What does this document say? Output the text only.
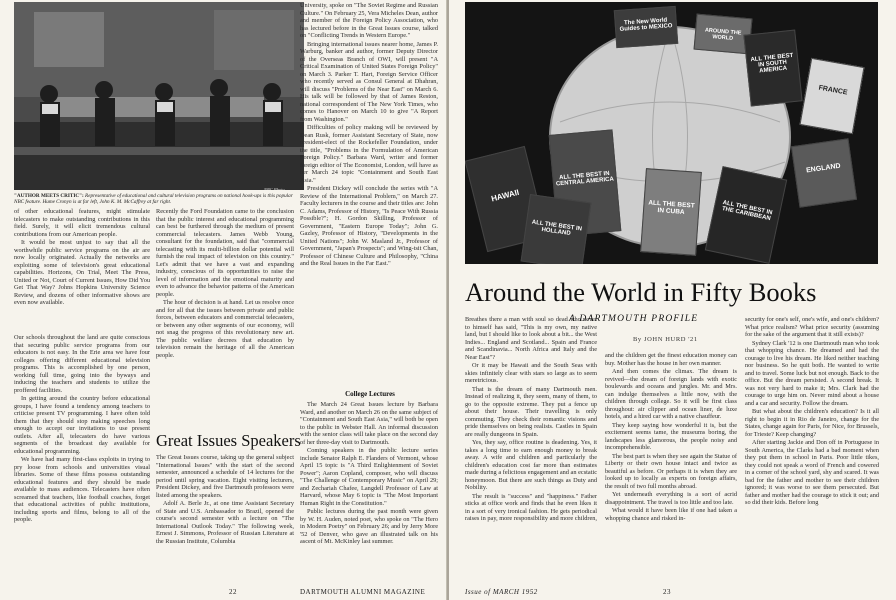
NBC Photo
"AUTHOR MEETS CRITIC": Representative of educational and cultural television programs on national hook-ups is this popular NBC feature. Hume Cronyn is at far left, John K. M. McCaffrey at far right.

of other educational features, might stimulate telecasters to make outstanding contributions in this field. Surely, it will elicit tremendous cultural contributions from our American people.

It would be most unjust to say that all the worthwhile public service programs on the air are now locally originated. Actually the networks are exploiting some of television's great educational capabilities. Horizons, On Trial, Meet The Press, United or Not, Court of Current Issues, How Did You Get That Way? Johns Hopkins University Science Review, and dozens of other informative shows are even now available.

Our schools throughout the land are quite conscious that securing public service programs from our educators is not easy. In the Erie area we have four colleges offering different educational television programs. This is accomplished by one person, working full time, going into the byways and inducing the teachers and students to utilize the proffered facilities.

In getting around the country before educational groups, I have found a tendency among teachers to criticise present TV programming. I have often told them that they should stop making speeches long enough to accept our invitations to use present outlets. After all, telecasters do have various segments of the broadcast day available for educational programming.

We have had many first-class exploits in trying to pry loose from schools and universities visual libraries. Some of these films possess outstanding educational features and they should be made available to mass audiences. Telecasters have often screamed that teachers, like football coaches, forget that educational activities of public institutions, including sports and films, belong to all of the people.

Recently the Ford Foundation came to the conclusion that the public interest and educational programming can best be furthered through the medium of present commercial telecasters. James Webb Young, consultant for the foundation, said that "commercial telecasting with its multi-billion dollar potential will furnish the real impact of television on this country." Let's admit that we have a vast and expanding industry, conscious of its opportunities to raise the level of information and the emotional maturity and even to advance the behavior patterns of the American people.

The hour of decision is at hand. Let us resolve once and for all that the issues between private and public forces, between educators and commercial telecasters, or between any other segments of our economy, will not snag the progress of this revolutionary new art. The public welfare decrees that education by television remain the heritage of all the American people.

Great Issues Speakers

The Great Issues course, taking up the general subject "International Issues" with the start of the second semester, announced a schedule of 14 lectures for the period until spring vacation. Eight visiting lecturers, President Dickey, and five Dartmouth professors were listed among the speakers.

Adolf A. Berle Jr., at one time Assistant Secretary of State and U.S. Ambassador to Brazil, opened the course's second semester with a lecture on "The International Outlook Today." The following week, Ernest J. Simmons, Professor of Russian Literature at the Russian Institute, Columbia

University, spoke on "The Soviet Regime and Russian Culture." On February 25, Vera Micheles Dean, author and member of the Foreign Policy Association, who has lectured before in the Great Issues course, talked on "Conflicting Trends in Western Europe."

Bringing international issues nearer home, James P. Warburg, banker and author, former Deputy Director of the Overseas Branch of OWI, will present "A Critical Examination of United States Foreign Policy" on March 3. Parker T. Hart, Foreign Service Officer who recently served as Consul General at Dhahran, will discuss "Problems of the Near East" on March 6. His talk will be followed by that of James Reston, national correspondent of The New York Times, who comes to Hanover on March 10 to give "A Report from Washington."

Difficulties of policy making will be reviewed by Dean Rusk, former Assistant Secretary of State, now president-elect of the Rockefeller Foundation, under the title, "Problems in the Formulation of American Foreign Policy." Barbara Ward, writer and former foreign editor of The Economist, London, will have as her March 24 topic "Containment and South East Asia."

President Dickey will conclude the series with "A Review of the International Problem," on March 27. Faculty lecturers in the course and their titles are: John C. Adams, Professor of History, "Is Peace With Russia Possible?"; H. Gordon Skilling, Professor of Government, "Eastern Europe Today"; John G. Gazley, Professor of History, "Developments in the United Nations"; John W. Masland Jr., Professor of Government, "Japan's Prospects"; and Wing-tsit Chan, Professor of Chinese Culture and Philosophy, "China and the Real Issues in the Far East."

College Lectures

The March 24 Great Issues lecture by Barbara Ward, and another on March 26 on the same subject of "Containment and South East Asia," will both be open to the public in Webster Hall. An informal discussion with the senior class will take place on the second day of her three-day visit to Dartmouth.

Coming speakers in the public lecture series include Senator Ralph E. Flanders of Vermont, whose April 15 topic is "A Third Enlightenment of Soviet Power"; Aaron Copland, composer, who will discuss "The Challenge of Contemporary Music" on April 29; and Zechariah Chafee, Langdell Professor of Law at Harvard, whose May 6 topic is "The Most Important Human Right in the Constitution."

Public lectures during the past month were given by W. H. Auden, noted poet, who spoke on "The Hero in Modern Poetry" on February 26; and by Jerry More '52 of Denver, who gave an illustrated talk on his ascent of Mt. McKinley last summer.

22	DARTMOUTH ALUMNI MAGAZINE
The New World Guides to MEXICO	AROUND THE WORLD
ALL THE BEST IN SOUTH AMERICA
FRANCE
ENGLAND
HAWAII
ALL THE BEST IN CENTRAL AMERICA
ALL THE BEST IN CUBA
ALL THE BEST IN HOLLAND
ALL THE BEST IN THE CARIBBEAN
Around the World in Fifty Books
A DARTMOUTH PROFILE
By JOHN HURD '21

Breathes there a man with soul so dead who never to himself has said, "This is my own, my native land, but I should like to look about a bit... the West Indies... England and Scotland... Spain and France and Scandinavia... North Africa and Italy and the Near East"?

Or it may be Hawaii and the South Seas with skies infinitely clear with stars so large as to seem meretricious.

That is the dream of many Dartmouth men. Instead of realizing it, they seem, many of them, to go to the opposite extreme. They put a fence up about their house. Their travelling is only commuting. They check their romantic visions and pride themselves on being realists. Castles in Spain are really dungeons in Spain.

Yes, they say, office routine is deadening. Yes, it takes a long time to earn enough money to break away. A wife and children and particularly the children's education cost far more than estimates made during a felicitous engagement and an ecstatic honeymoon. But there are such things as Duty and Nobility.

The result is "success" and "happiness." Father sticks at office work and finds that he even likes it in a sort of very ironical fashion. He gets periodical raises in pay, more responsibility and more children,

and the children get the finest education money can buy. Mother has the house in her own manner.

And then comes the climax. The dream is revived—the dream of foreign lands with exotic boulevards and oceans and jungles. Mr. and Mrs. can indulge themselves a little now, with the children through college. So it will be first class throughout: air clipper and ocean liner, de luxe hotels, and a hired car with a native chauffeur.

They keep saying how wonderful it is, but the excitement seems tame, the museums boring, the landscapes less glamorous, the people noisy and incomprehensible.

The best part is when they see again the Statue of Liberty or their own house intact and twice as beautiful as before. Or perhaps it is when they are looked up to locally as experts on foreign affairs, the result of two full months abroad.

Yet underneath everything is a sort of acrid disappointment. The travel is too little and too late.

What would it have been like if one had taken a whopping chance and risked in-

security for one's self, one's wife, and one's children? What price realism? What price security (assuming for the sake of the argument that it still exists)?

Sydney Clark '12 is one Dartmouth man who took that whopping chance. He dreamed and had the courage to live his dream. He liked neither teaching nor business. So he quit both. He wanted to write and to travel. Some luck but not enough. Back to the office. But the dream persisted. A second break. It was not very hard to make it; Mrs. Clark had the courage to urge him on. Never mind about a house and a car and security. Follow the dream.

But what about the children's education? Is it all right to begin it in Rio de Janeiro, change for the States, change again for Paris, for Nice, for Brussels, for Trieste? Keep changing?

After starting Jackie and Don off in Portuguese in South America, the Clarks had a bad moment when they put them in school in Paris. Poor little tikes, they could not speak a word of French and cowered in a corner of the school yard, shy and scared. It was bad for the father and mother to see their children ignored; it was worse to see them persecuted. But father and mother had the courage to stick it out; and so did their kids. Before long

Issue of MARCH 1952	23
